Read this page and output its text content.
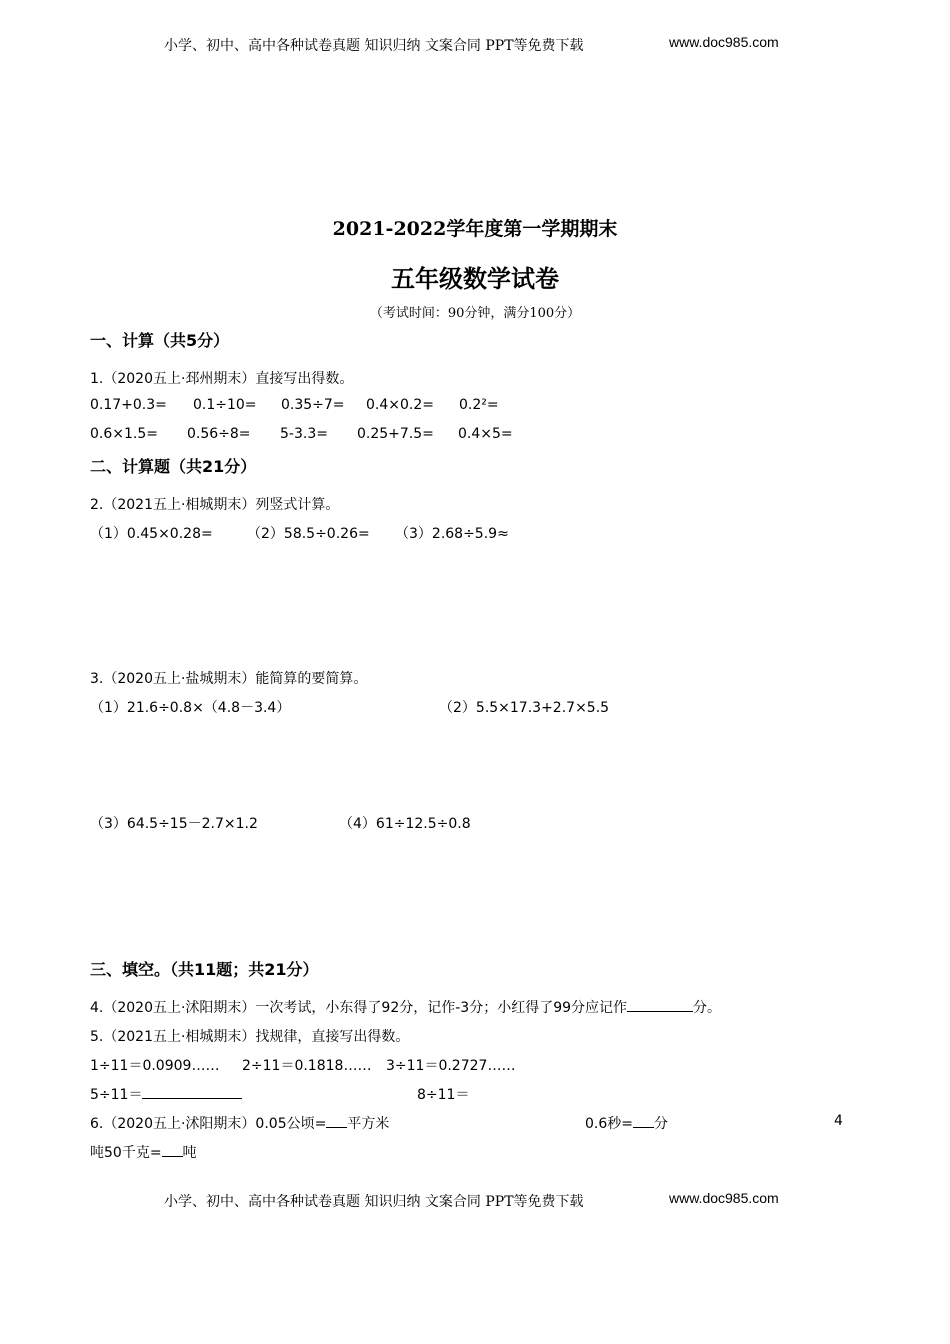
小学、初中、高中各种试卷真题 知识归纳 文案合同 PPT等免费下载	www.doc985.com
2021-2022学年度第一学期期末
五年级数学试卷
（考试时间：90分钟，满分100分）
一、计算（共5分）
1.（2020五上·邳州期末）直接写出得数。
0.17+0.3= 0.1÷10= 0.35÷7= 0.4×0.2= 0.2²=
0.6×1.5= 0.56÷8= 5-3.3= 0.25+7.5= 0.4×5=
二、计算题（共21分）
2.（2021五上·相城期末）列竖式计算。
（1）0.45×0.28= （2）58.5÷0.26= （3）2.68÷5.9≈
3.（2020五上·盐城期末）能简算的要简算。
（1）21.6÷0.8×（4.8－3.4）	（2）5.5×17.3+2.7×5.5
（3）64.5÷15－2.7×1.2	（4）61÷12.5÷0.8
三、填空。（共11题；共21分）
4.（2020五上·沭阳期末）一次考试，小东得了92分，记作-3分；小红得了99分应记作	分。
5.（2021五上·相城期末）找规律，直接写出得数。
1÷11＝0.0909…… 2÷11＝0.1818…… 3÷11＝0.2727……
5÷11＝	8÷11＝
6.（2020五上·沭阳期末）0.05公顷= 平方米	0.6秒= 分	4
吨50千克= 吨
小学、初中、高中各种试卷真题 知识归纳 文案合同 PPT等免费下载	www.doc985.com
